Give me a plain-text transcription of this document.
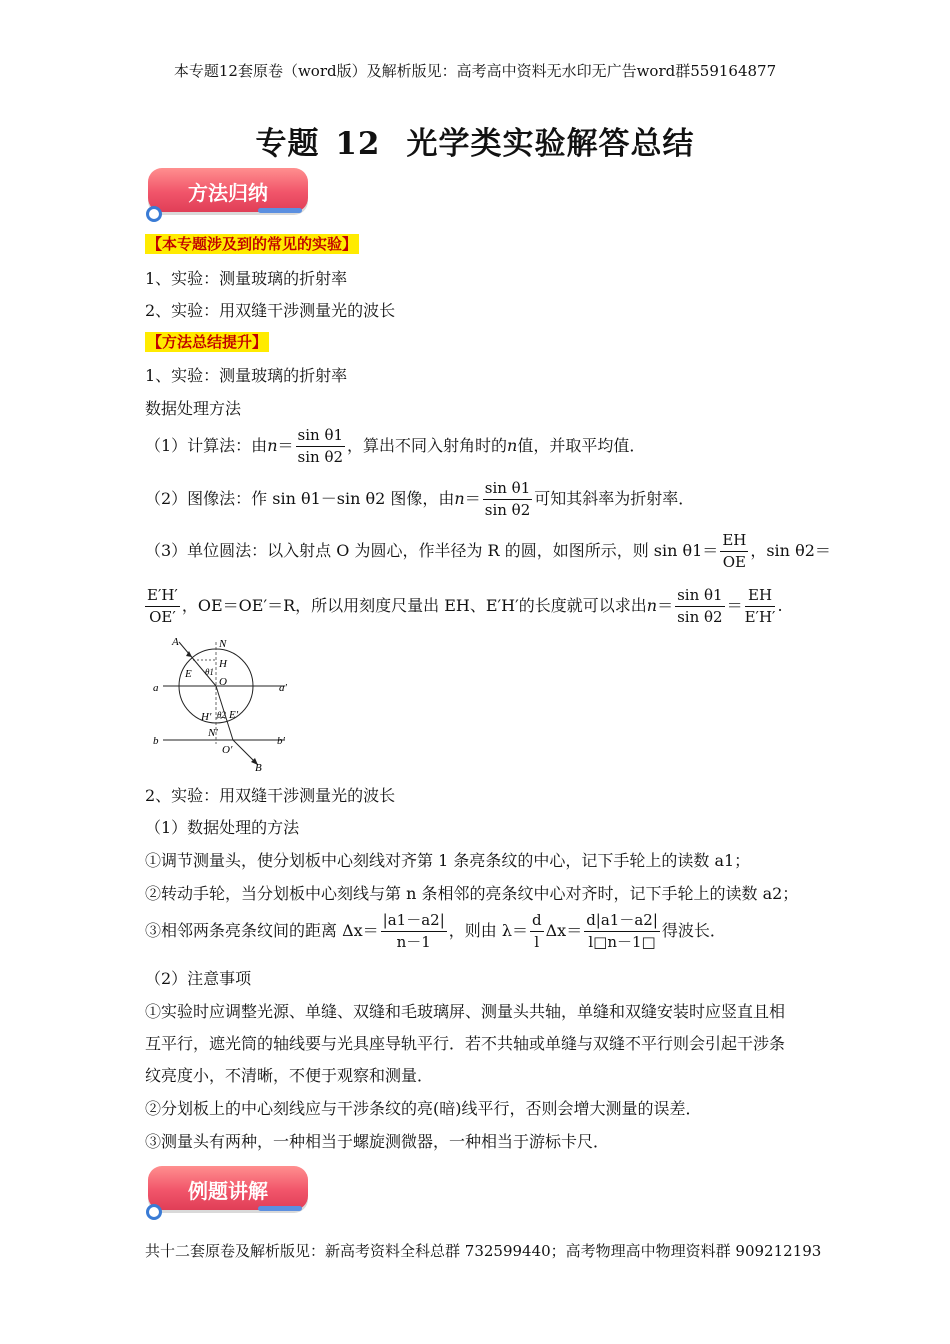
本专题12套原卷（word版）及解析版见：高考高中资料无水印无广告word群559164877
专题 12 光学类实验解答总结
方法归纳
【本专题涉及到的常见的实验】
1、实验：测量玻璃的折射率
2、实验：用双缝干涉测量光的波长
【方法总结提升】
1、实验：测量玻璃的折射率
数据处理方法
（1）计算法：由$n= \frac{\text{sin θ1}}{\text{sin θ2}}$ ，算出不同入射角时的n值，并取平均值．
（2）图像法：作 sin θ1－sin θ2 图像，由$n= \frac{\text{sin θ1}}{\text{sin θ2}}$ 可知其斜率为折射率．
（3）单位圆法：以入射点 O 为圆心，作半径为 R 的圆，如图所示，则 $\sin \theta 1= \frac{EH}{OE}$ ，sin θ2＝
$\frac{E'H'}{OE'}$ ，OE＝OE′＝R，所以用刻度尺量出 EH、E′H′的长度就可以求出$n= \frac{\text{sin θ1}}{\text{sin θ2}} = \frac{EH}{E'H'}$ .
A	N
H
E θ1
O
a	a′
H′ θ2 E′
N′
b	b′
O′
B
2、实验：用双缝干涉测量光的波长
（1）数据处理的方法
①调节测量头，使分划板中心刻线对齐第 1 条亮条纹的中心，记下手轮上的读数 a1；
②转动手轮，当分划板中心刻线与第 n 条相邻的亮条纹中心对齐时，记下手轮上的读数 a2；
③相邻两条亮条纹间的距离 $\Delta x= \frac{|a1-a2|}{n-1}$ ，则由 $\lambda= \frac{d}{l} \Delta x= \frac{d|a1-a2|}{l□n-1□}$ 得波长．
（2）注意事项
①实验时应调整光源、单缝、双缝和毛玻璃屏、测量头共轴，单缝和双缝安装时应竖直且相
互平行，遮光筒的轴线要与光具座导轨平行．若不共轴或单缝与双缝不平行则会引起干涉条
纹亮度小，不清晰，不便于观察和测量．
②分划板上的中心刻线应与干涉条纹的亮(暗)线平行，否则会增大测量的误差．
③测量头有两种，一种相当于螺旋测微器，一种相当于游标卡尺．
例题讲解
共十二套原卷及解析版见：新高考资料全科总群 732599440；高考物理高中物理资料群 909212193
